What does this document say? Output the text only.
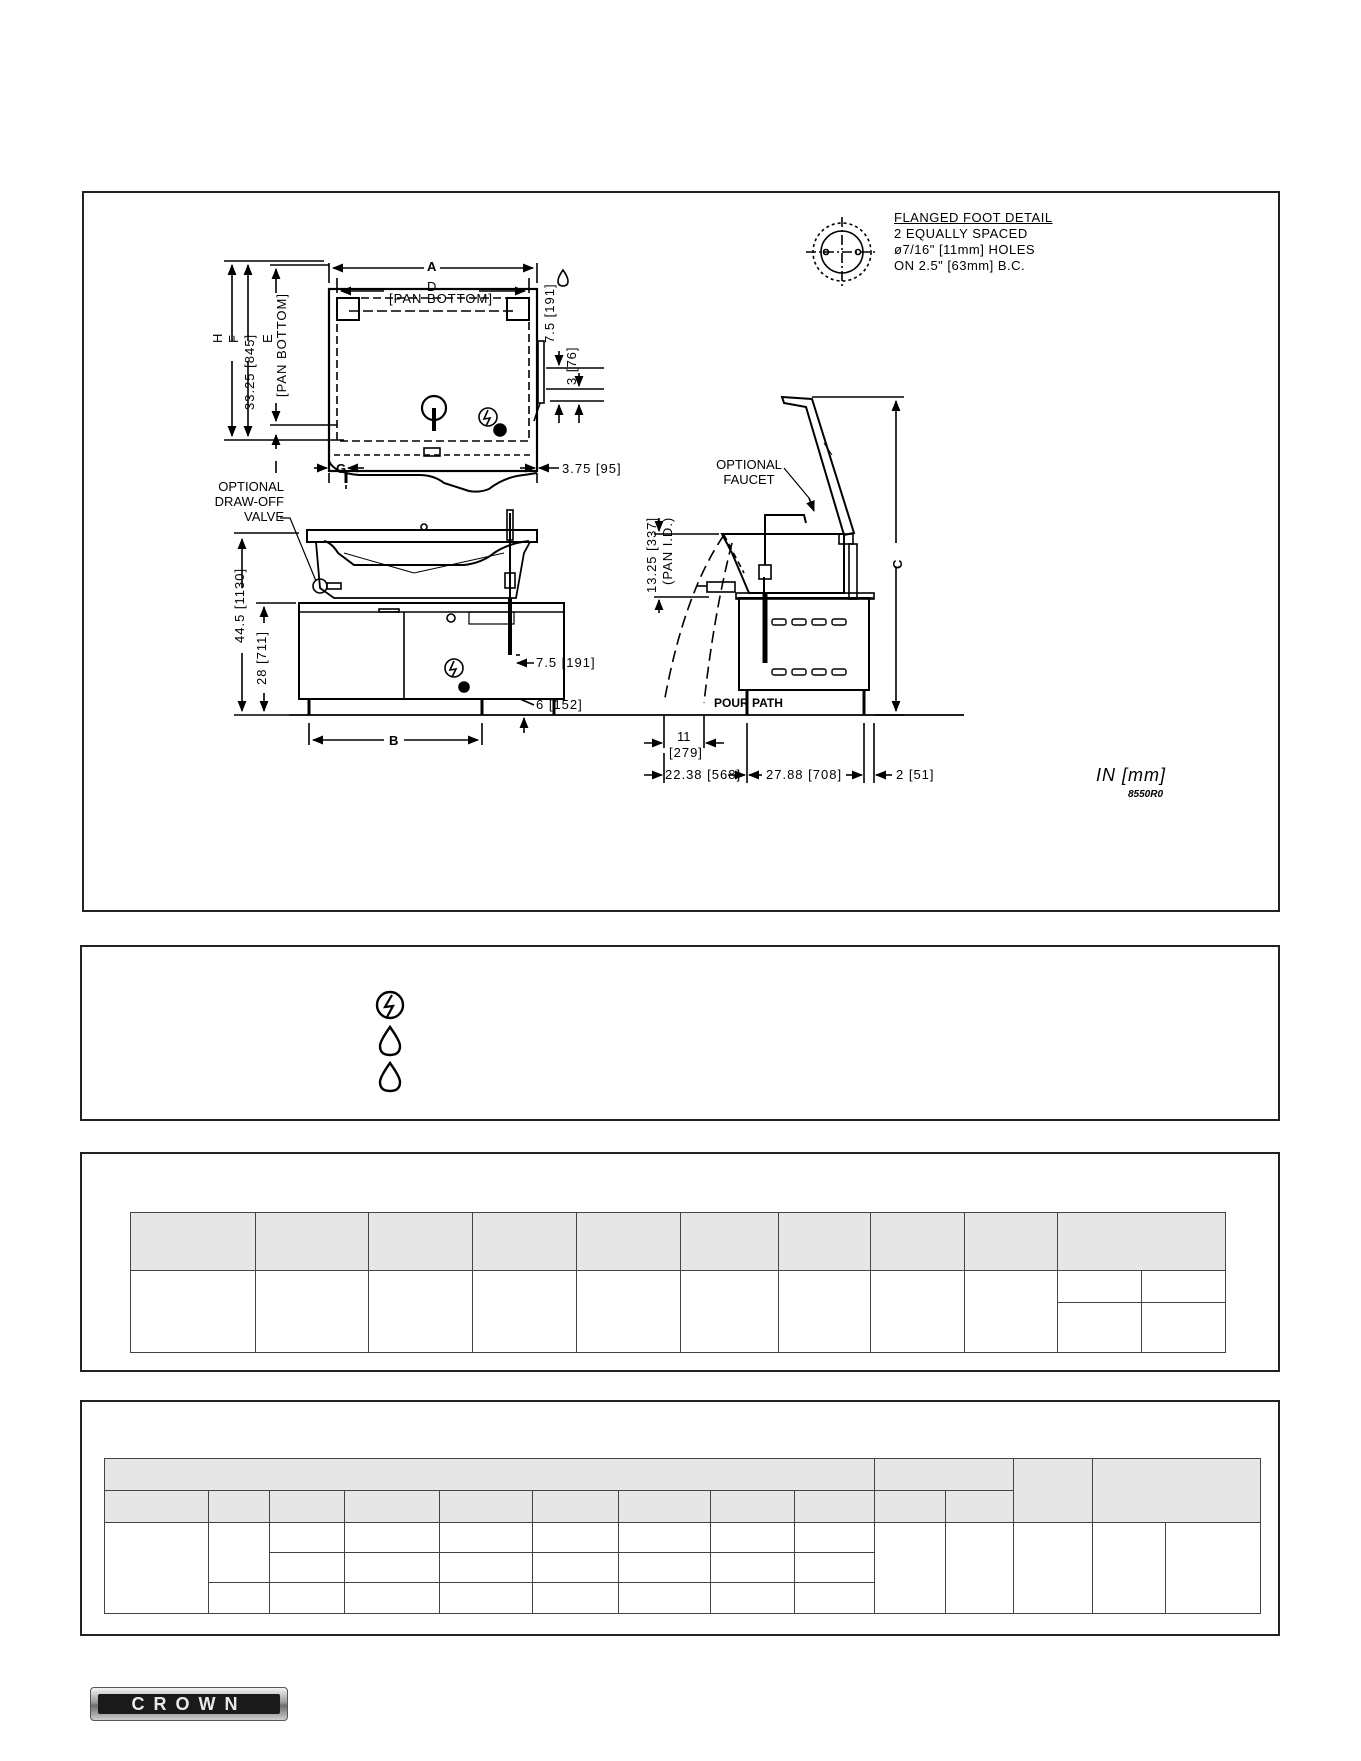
A
D
[PAN BOTTOM]
H F 33.25 [845] E [PAN BOTTOM]	7.5 [191]
3 [76]
G	3.75 [95]
FLANGED FOOT DETAIL
2 EQUALLY SPACED
ø7/16" [11mm] HOLES
ON 2.5" [63mm] B.C.
OPTIONAL
DRAW-OFF
VALVE
44.5 [1130]
28 [711]	7.5 [191]
6 [152]
B
OPTIONAL
FAUCET
13.25 [337] (PAN I.D.)	C
POUR PATH
11
[279]
22.38 [568] 27.88 [708]	2 [51]	IN [mm]
8550R0

CROWN
